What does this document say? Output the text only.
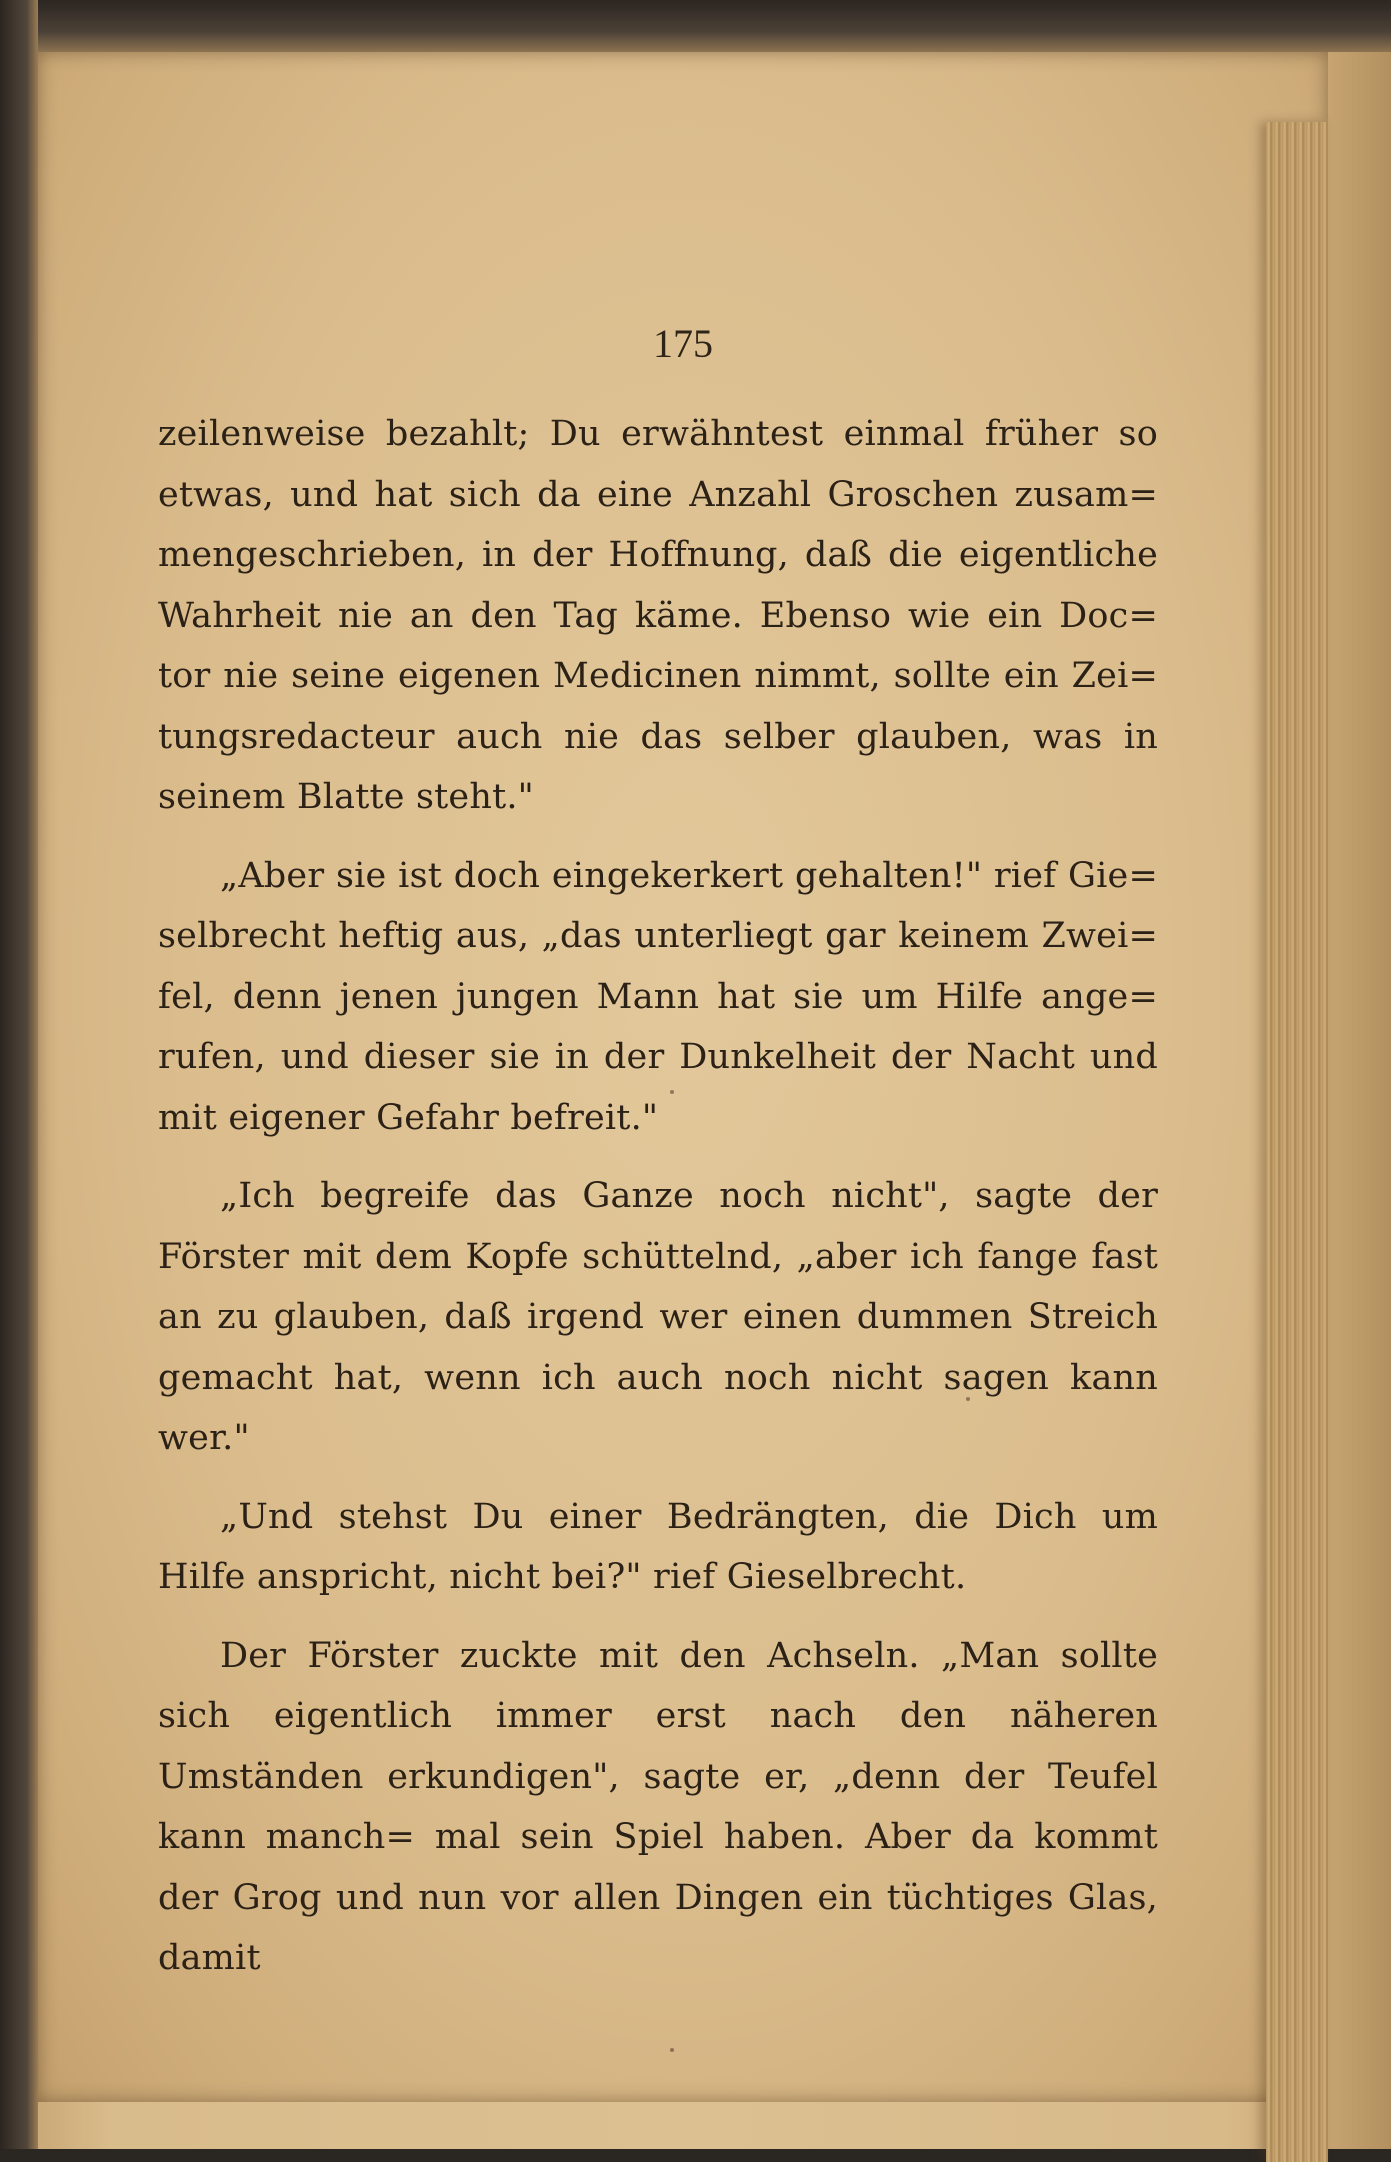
175

zeilenweise bezahlt; Du erwähntest einmal früher so etwas, und hat sich da eine Anzahl Groschen zusam= mengeschrieben, in der Hoffnung, daß die eigentliche Wahrheit nie an den Tag käme. Ebenso wie ein Doc= tor nie seine eigenen Medicinen nimmt, sollte ein Zei= tungsredacteur auch nie das selber glauben, was in seinem Blatte steht."

„Aber sie ist doch eingekerkert gehalten!" rief Gie= selbrecht heftig aus, „das unterliegt gar keinem Zwei= fel, denn jenen jungen Mann hat sie um Hilfe ange= rufen, und dieser sie in der Dunkelheit der Nacht und mit eigener Gefahr befreit."

„Ich begreife das Ganze noch nicht", sagte der Förster mit dem Kopfe schüttelnd, „aber ich fange fast an zu glauben, daß irgend wer einen dummen Streich gemacht hat, wenn ich auch noch nicht sagen kann wer."

„Und stehst Du einer Bedrängten, die Dich um Hilfe anspricht, nicht bei?" rief Gieselbrecht.

Der Förster zuckte mit den Achseln. „Man sollte sich eigentlich immer erst nach den näheren Umständen erkundigen", sagte er, „denn der Teufel kann manch= mal sein Spiel haben. Aber da kommt der Grog und nun vor allen Dingen ein tüchtiges Glas, damit
